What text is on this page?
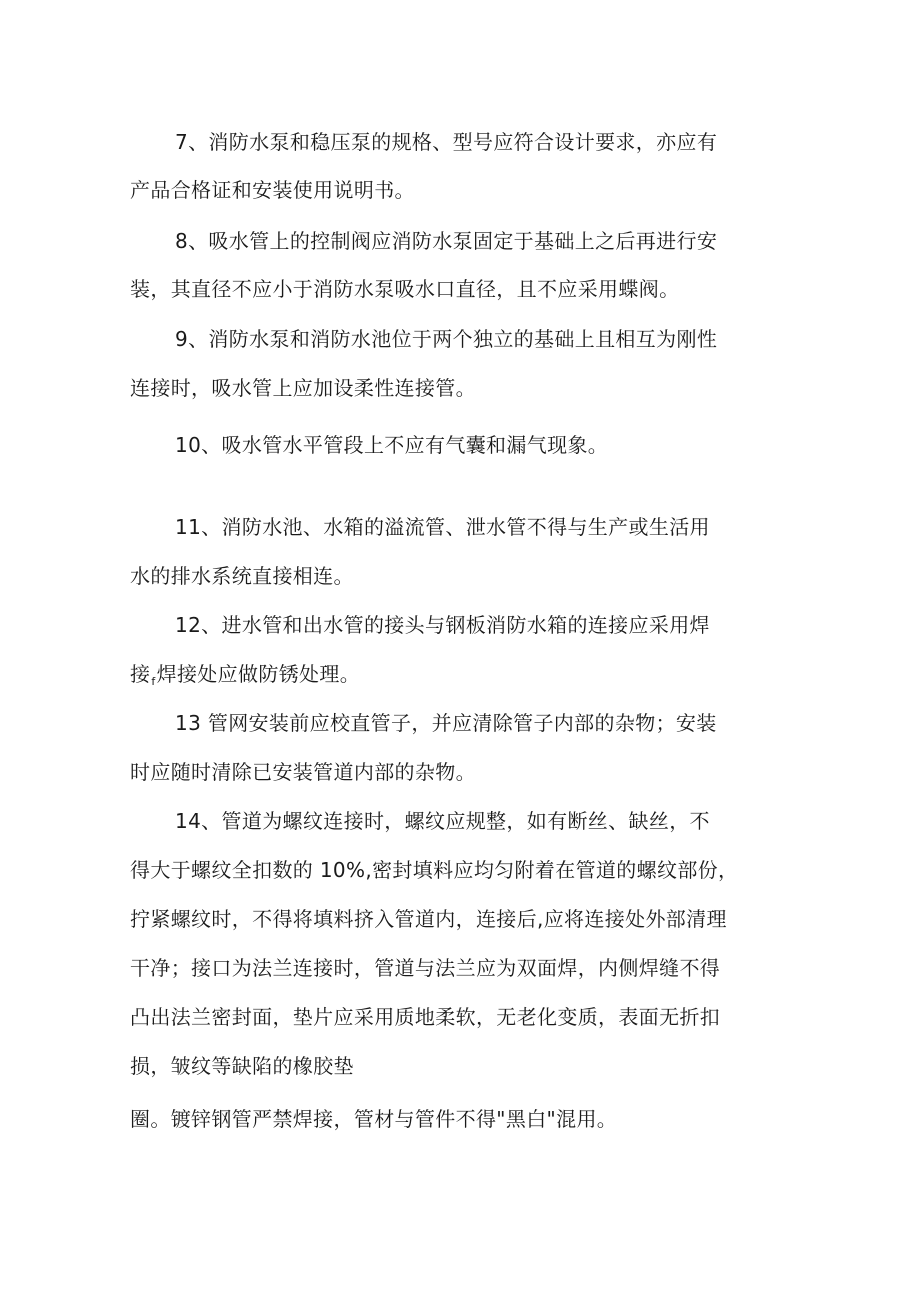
7、消防水泵和稳压泵的规格、型号应符合设计要求，亦应有
产品合格证和安装使用说明书。
8、吸水管上的控制阀应消防水泵固定于基础上之后再进行安
装，其直径不应小于消防水泵吸水口直径，且不应采用蝶阀。
9、消防水泵和消防水池位于两个独立的基础上且相互为刚性
连接时，吸水管上应加设柔性连接管。
10、吸水管水平管段上不应有气囊和漏气现象。
11、消防水池、水箱的溢流管、泄水管不得与生产或生活用
水的排水系统直接相连。
12、进水管和出水管的接头与钢板消防水箱的连接应采用焊
接$_f$焊接处应做防锈处理。
13 管网安装前应校直管子，并应清除管子内部的杂物；安装
时应随时清除已安装管道内部的杂物。
14、管道为螺纹连接时，螺纹应规整，如有断丝、缺丝，不
得大于螺纹全扣数的 10%,密封填料应均匀附着在管道的螺纹部份，
拧紧螺纹时，不得将填料挤入管道内，连接后,应将连接处外部清理
干净；接口为法兰连接时，管道与法兰应为双面焊，内侧焊缝不得
凸出法兰密封面，垫片应采用质地柔软，无老化变质，表面无折扣
损，皱纹等缺陷的橡胶垫
圈。镀锌钢管严禁焊接，管材与管件不得"黑白"混用。
